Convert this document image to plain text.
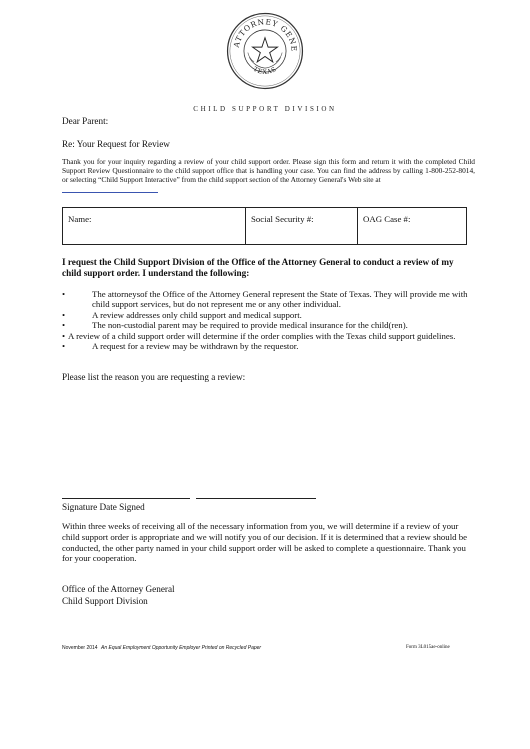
ATTORNEY GENE
TEXAS
CHILD SUPPORT DIVISION
Dear Parent:
Re: Your Request for Review
Thank you for your inquiry regarding a review of your child support order. Please sign this form and return it with the completed Child Support Review Questionnaire to the child support office that is handling your case. You can find the address by calling 1-800-252-8014, or selecting “Child Support Interactive” from the child support section of the Attorney General's Web site at
Name:	Social Security #:	OAG Case #:
I request the Child Support Division of the Office of the Attorney General to conduct a review of my child support order. I understand the following:
•	The attorneysof the Office of the Attorney General represent the State of Texas. They will provide me with child support services, but do not represent me or any other individual.
•	A review addresses only child support and medical support.
•	The non-custodial parent may be required to provide medical insurance for the child(ren).
• A review of a child support order will determine if the order complies with the Texas child support guidelines.
•	A request for a review may be withdrawn by the requestor.
Please list the reason you are requesting a review:
Signature Date Signed
Within three weeks of receiving all of the necessary information from you, we will determine if a review of your child support order is appropriate and we will notify you of our decision. If it is determined that a review should be conducted, the other party named in your child support order will be asked to complete a questionnaire. Thank you for your cooperation.
Office of the Attorney General
Child Support Division
November 2014 An Equal Employment Opportunity Employer Printed on Recycled Paper	Form 3L015ae-online
